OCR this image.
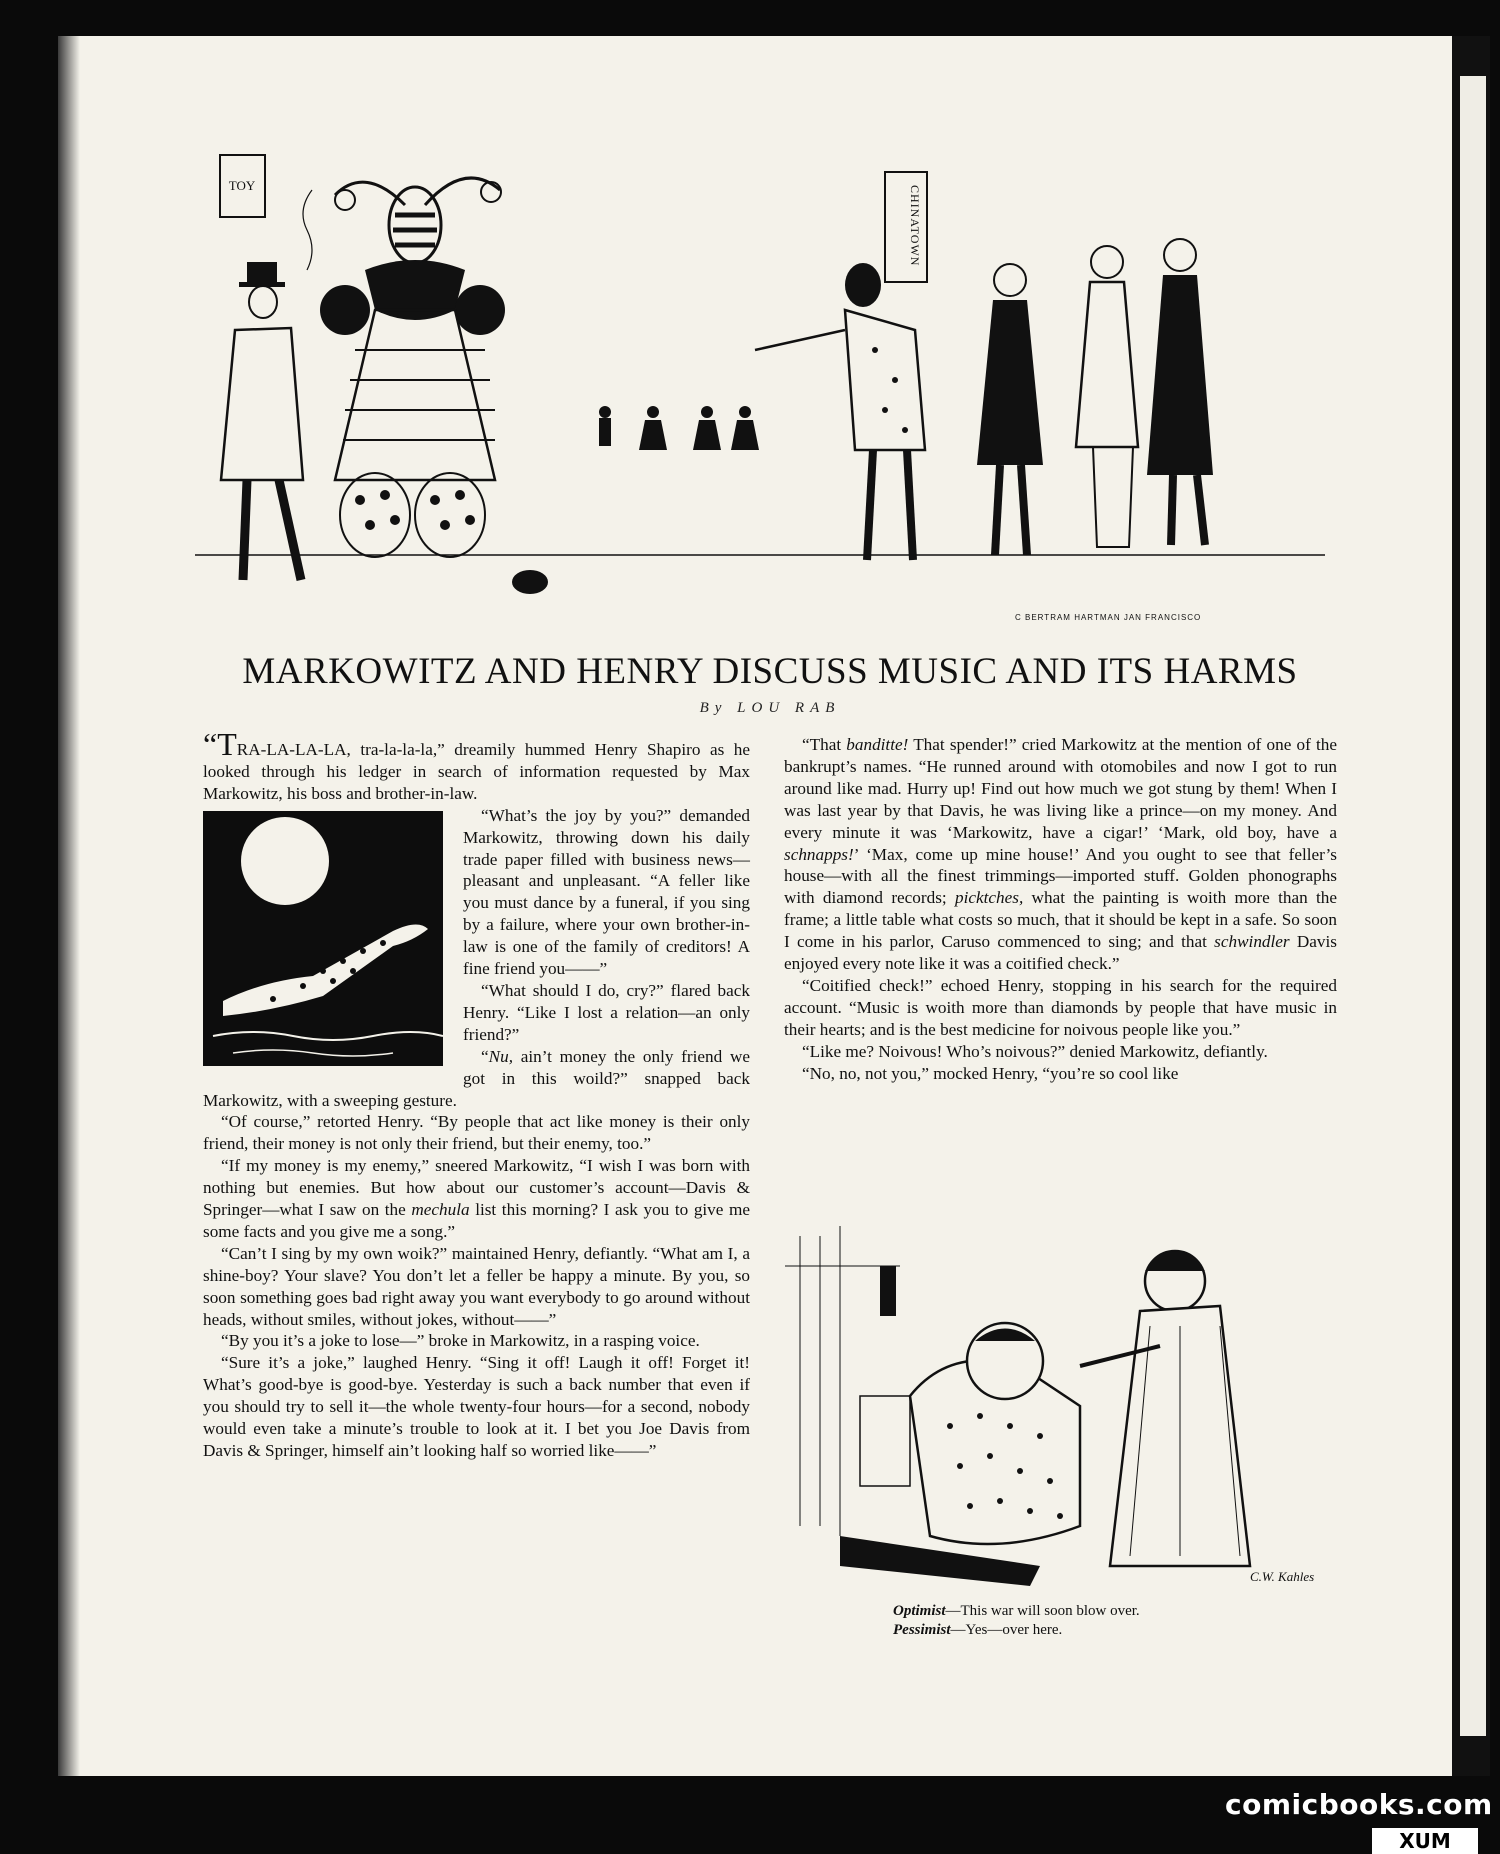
TOY	CHINATOWN
C BERTRAM HARTMAN JAN FRANCISCO
MARKOWITZ AND HENRY DISCUSS MUSIC AND ITS HARMS
By LOU RAB

“TRA-LA-LA-LA, tra-la-la-la,” dreamily hummed Henry Shapiro as he looked through his ledger in search of information requested by Max Markowitz, his boss and brother-in-law.

“What’s the joy by you?” demanded Markowitz, throwing down his daily trade paper filled with business news—pleasant and unpleasant. “A feller like you must dance by a funeral, if you sing by a failure, where your own brother-in-law is one of the family of creditors! A fine friend you——”

“What should I do, cry?” flared back Henry. “Like I lost a relation—an only friend?”

“Nu, ain’t money the only friend we got in this woild?” snapped back Markowitz, with a sweeping gesture.

“Of course,” retorted Henry. “By people that act like money is their only friend, their money is not only their friend, but their enemy, too.”

“If my money is my enemy,” sneered Markowitz, “I wish I was born with nothing but enemies. But how about our customer’s account—Davis & Springer—what I saw on the mechula list this morning? I ask you to give me some facts and you give me a song.”

“Can’t I sing by my own woik?” maintained Henry, defiantly. “What am I, a shine-boy? Your slave? You don’t let a feller be happy a minute. By you, so soon something goes bad right away you want everybody to go around without heads, without smiles, without jokes, without——”

“By you it’s a joke to lose—” broke in Markowitz, in a rasping voice.

“Sure it’s a joke,” laughed Henry. “Sing it off! Laugh it off! Forget it! What’s good-bye is good-bye. Yesterday is such a back number that even if you should try to sell it—the whole twenty-four hours—for a second, nobody would even take a minute’s trouble to look at it. I bet you Joe Davis from Davis & Springer, himself ain’t looking half so worried like——”

“That banditte! That spender!” cried Markowitz at the mention of one of the bankrupt’s names. “He runned around with otomobiles and now I got to run around like mad. Hurry up! Find out how much we got stung by them! When I was last year by that Davis, he was living like a prince—on my money. And every minute it was ‘Markowitz, have a cigar!’ ‘Mark, old boy, have a schnapps!’ ‘Max, come up mine house!’ And you ought to see that feller’s house—with all the finest trimmings—imported stuff. Golden phonographs with diamond records; picktches, what the painting is woith more than the frame; a little table what costs so much, that it should be kept in a safe. So soon I come in his parlor, Caruso commenced to sing; and that schwindler Davis enjoyed every note like it was a coitified check.”

“Coitified check!” echoed Henry, stopping in his search for the required account. “Music is woith more than diamonds by people that have music in their hearts; and is the best medicine for noivous people like you.”

“Like me? Noivous! Who’s noivous?” denied Markowitz, defiantly.

“No, no, not you,” mocked Henry, “you’re so cool like

C.W. Kahles
Optimist—This war will soon blow over.
Pessimist—Yes—over here.
comicbooks.com
XUM
